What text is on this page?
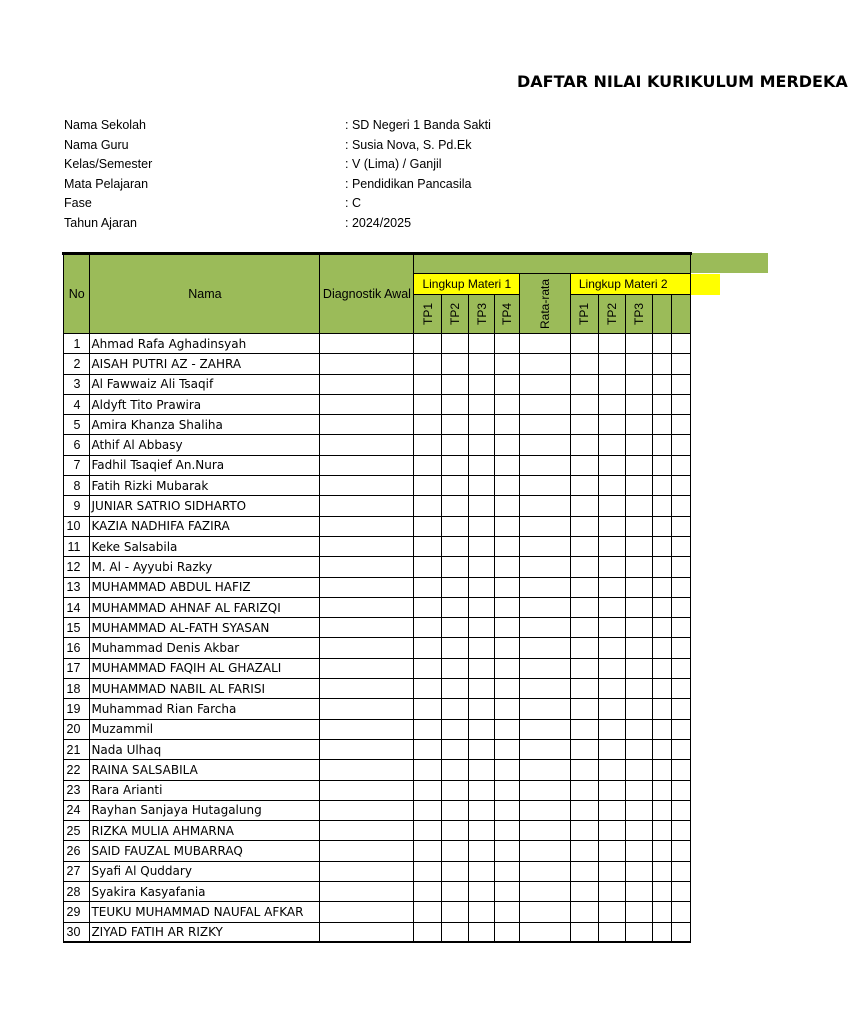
DAFTAR NILAI KURIKULUM MERDEKA
Nama Sekolah	: SD Negeri 1 Banda Sakti
Nama Guru	: Susia Nova, S. Pd.Ek
Kelas/Semester	: V (Lima) / Ganjil
Mata Pelajaran	: Pendidikan Pancasila
Fase	: C
Tahun Ajaran	: 2024/2025
No	Nama	Diagnostik Awal										
			Lingkup Materi 1				Rata-rata	Lingkup Materi 2				
			TP1	TP2	TP3	TP4		TP1	TP2	TP3		
1	Ahmad Rafa Aghadinsyah											
2	AISAH PUTRI AZ - ZAHRA											
3	Al Fawwaiz Ali Tsaqif											
4	Aldyft Tito Prawira											
5	Amira Khanza Shaliha											
6	Athif Al Abbasy											
7	Fadhil Tsaqief An.Nura											
8	Fatih Rizki Mubarak											
9	JUNIAR SATRIO SIDHARTO											
10	KAZIA NADHIFA FAZIRA											
11	Keke Salsabila											
12	M. Al - Ayyubi Razky											
13	MUHAMMAD ABDUL HAFIZ											
14	MUHAMMAD AHNAF AL FARIZQI											
15	MUHAMMAD AL-FATH SYASAN											
16	Muhammad Denis Akbar											
17	MUHAMMAD FAQIH AL GHAZALI											
18	MUHAMMAD NABIL AL FARISI											
19	Muhammad Rian Farcha											
20	Muzammil											
21	Nada Ulhaq											
22	RAINA SALSABILA											
23	Rara Arianti											
24	Rayhan Sanjaya Hutagalung											
25	RIZKA MULIA AHMARNA											
26	SAID FAUZAL MUBARRAQ											
27	Syafi Al Quddary											
28	Syakira Kasyafania											
29	TEUKU MUHAMMAD NAUFAL AFKAR											
30	ZIYAD FATIH AR RIZKY											
